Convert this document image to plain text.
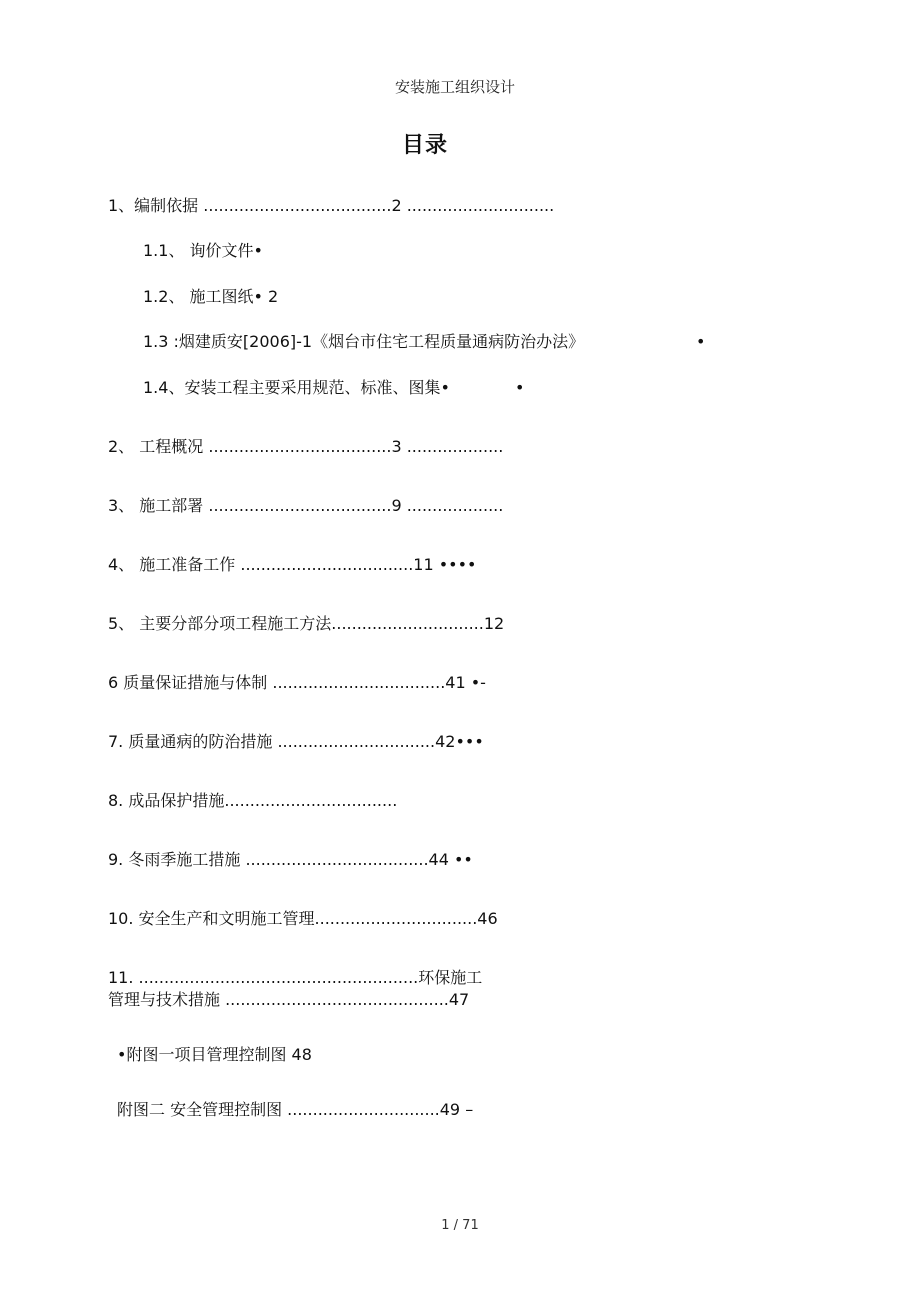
安装施工组织设计
目录
1、编制依据 .....................................2 .............................
1.1、 询价文件•
1.2、 施工图纸• 2
1.3 :烟建质安[2006]-1《烟台市住宅工程质量通病防治办法》	•
1.4、安装工程主要采用规范、标准、图集•	•
2、 工程概况 ....................................3 ...................
3、 施工部署 ....................................9 ...................
4、 施工准备工作 ..................................11 ••••
5、 主要分部分项工程施工方法..............................12
6 质量保证措施与体制 ..................................41 •-
7. 质量通病的防治措施 ...............................42•••
8. 成品保护措施..................................
9. 冬雨季施工措施 ....................................44 ••
10. 安全生产和文明施工管理................................46
11. .......................................................环保施工
管理与技术措施 ............................................47
•附图一项目管理控制图 48
附图二 安全管理控制图 ..............................49 –
1 / 71
